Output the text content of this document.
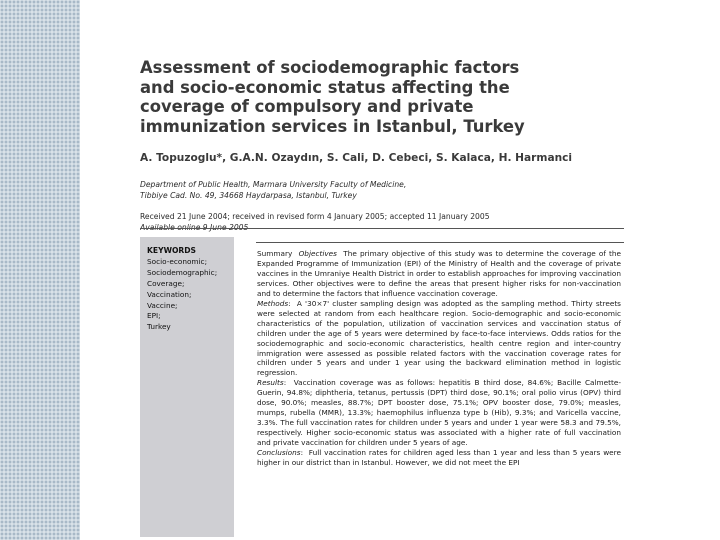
Assessment of sociodemographic factors
and socio-economic status affecting the
coverage of compulsory and private
immunization services in Istanbul, Turkey
A. Topuzoglu*, G.A.N. Ozaydın, S. Cali, D. Cebeci, S. Kalaca, H. Harmanci
Department of Public Health, Marmara University Faculty of Medicine,
Tibbiye Cad. No. 49, 34668 Haydarpasa, Istanbul, Turkey
Received 21 June 2004; received in revised form 4 January 2005; accepted 11 January 2005
KEYWORDS
Socio-economic;
Sociodemographic;
Coverage;
Vaccination;
Vaccine;
EPI;
Turkey

Summary Objectives The primary objective of this study was to determine the coverage of the Expanded Programme of Immunization (EPI) of the Ministry of Health and the coverage of private vaccines in the Umraniye Health District in order to establish approaches for improving vaccination services. Other objectives were to define the areas that present higher risks for non-vaccination and to determine the factors that influence vaccination coverage.

Methods:  A '30×7' cluster sampling design was adopted as the sampling method. Thirty streets were selected at random from each healthcare region. Socio-demographic and socio-economic characteristics of the population, utilization of vaccination services and vaccination status of children under the age of 5 years were determined by face-to-face interviews. Odds ratios for the sociodemographic and socio-economic characteristics, health centre region and inter-country immigration were assessed as possible related factors with the vaccination coverage rates for children under 5 years and under 1 year using the backward elimination method in logistic regression.

Results:  Vaccination coverage was as follows: hepatitis B third dose, 84.6%; Bacille Calmette-Guerin, 94.8%; diphtheria, tetanus, pertussis (DPT) third dose, 90.1%; oral polio virus (OPV) third dose, 90.0%; measles, 88.7%; DPT booster dose, 75.1%; OPV booster dose, 79.0%; measles, mumps, rubella (MMR), 13.3%; haemophilus influenza type b (Hib), 9.3%; and Varicella vaccine, 3.3%. The full vaccination rates for children under 5 years and under 1 year were 58.3 and 79.5%, respectively. Higher socio-economic status was associated with a higher rate of full vaccination and private vaccination for children under 5 years of age.

Conclusions:  Full vaccination rates for children aged less than 1 year and less than 5 years were higher in our district than in Istanbul. However, we did not meet the EPI
